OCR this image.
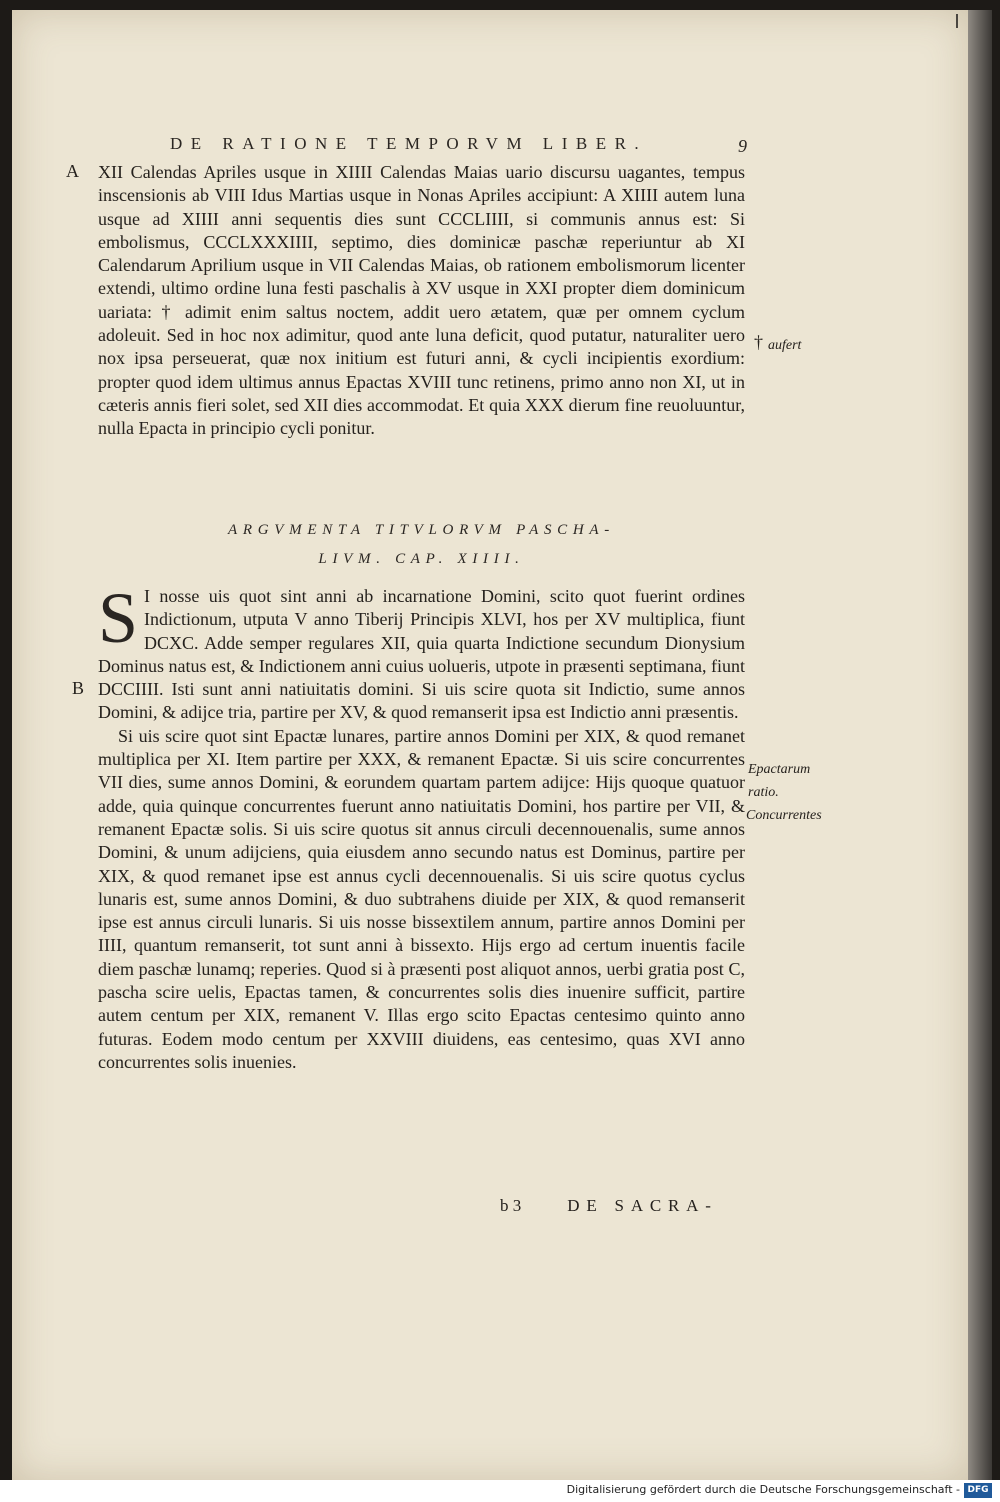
DE RATIONE TEMPORVM LIBER.	9
A
† aufert

XII Calendas Apriles usque in XIIII Calendas Maias uario discursu uagantes, tempus inscensionis ab VIII Idus Martias usque in Nonas Apriles accipiunt: A XIIII autem luna usque ad XIIII anni sequentis dies sunt CCCLIIII, si communis annus est: Si embolismus, CCCLXXXIIII, septimo, dies dominicæ paschæ reperiuntur ab XI Calendarum Aprilium usque in VII Calendas Maias, ob rationem embolismorum licenter extendi, ultimo ordine luna festi paschalis à XV usque in XXI propter diem dominicum uariata: † adimit enim saltus noctem, addit uero ætatem, quæ per omnem cyclum adoleuit. Sed in hoc nox adimitur, quod ante luna deficit, quod putatur, naturaliter uero nox ipsa perseuerat, quæ nox initium est futuri anni, & cycli incipientis exordium: propter quod idem ultimus annus Epactas XVIII tunc retinens, primo anno non XI, ut in cæteris annis fieri solet, sed XII dies accommodat. Et quia XXX dierum fine reuoluuntur, nulla Epacta in principio cycli ponitur.

ARGVMENTA TITVLORVM PASCHA-
LIVM. CAP. XIIII.
B
Epactarum
ratio.
Concurrentes

S I nosse uis quot sint anni ab incarnatione Domini, scito quot fuerint ordines Indictionum, utputa V anno Tiberij Principis XLVI, hos per XV multiplica, fiunt DCXC. Adde semper regulares XII, quia quarta Indictione secundum Dionysium Dominus natus est, & Indictionem anni cuius uolueris, utpote in præsenti septimana, fiunt DCCIIII. Isti sunt anni natiuitatis domini. Si uis scire quota sit Indictio, sume annos Domini, & adijce tria, partire per XV, & quod remanserit ipsa est Indictio anni præsentis.

Si uis scire quot sint Epactæ lunares, partire annos Domini per XIX, & quod remanet multiplica per XI. Item partire per XXX, & remanent Epactæ. Si uis scire concurrentes VII dies, sume annos Domini, & eorundem quartam partem adijce: Hijs quoque quatuor adde, quia quinque concurrentes fuerunt anno natiuitatis Domini, hos partire per VII, & remanent Epactæ solis. Si uis scire quotus sit annus circuli decennouenalis, sume annos Domini, & unum adijciens, quia eiusdem anno secundo natus est Dominus, partire per XIX, & quod remanet ipse est annus cycli decennouenalis. Si uis scire quotus cyclus lunaris est, sume annos Domini, & duo subtrahens diuide per XIX, & quod remanserit ipse est annus circuli lunaris. Si uis nosse bissextilem annum, partire annos Domini per IIII, quantum remanserit, tot sunt anni à bissexto. Hijs ergo ad certum inuentis facile diem paschæ lunamq; reperies. Quod si à præsenti post aliquot annos, uerbi gratia post C, pascha scire uelis, Epactas tamen, & concurrentes solis dies inuenire sufficit, partire autem centum per XIX, remanent V. Illas ergo scito Epactas centesimo quinto anno futuras. Eodem modo centum per XXVIII diuidens, eas centesimo, quas XVI anno concurrentes solis inuenies.

b 3	DE SACRA-
Digitalisierung gefördert durch die Deutsche Forschungsgemeinschaft - DFG
